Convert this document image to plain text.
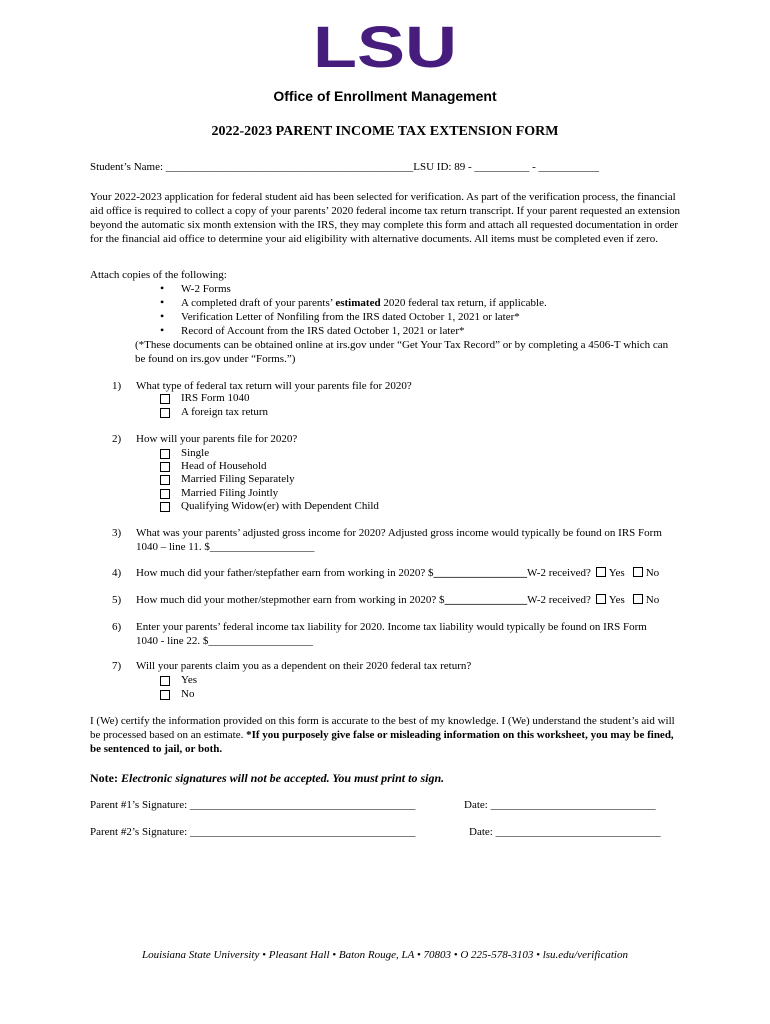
LSU
Office of Enrollment Management
2022-2023 PARENT INCOME TAX EXTENSION FORM
Student’s Name: _____________________________________________LSU ID: 89 - __________ - ___________
Your 2022-2023 application for federal student aid has been selected for verification. As part of the verification process, the financial aid office is required to collect a copy of your parents’ 2020 federal income tax return transcript. If your parent requested an extension beyond the automatic six month extension with the IRS, they may complete this form and attach all requested documentation in order for the financial aid office to determine your aid eligibility with alternative documents. All items must be completed even if zero.
Attach copies of the following:
• W-2 Forms
• A completed draft of your parents’ estimated 2020 federal tax return, if applicable.
• Verification Letter of Nonfiling from the IRS dated October 1, 2021 or later*
• Record of Account from the IRS dated October 1, 2021 or later*
(*These documents can be obtained online at irs.gov under “Get Your Tax Record” or by completing a 4506-T which can be found on irs.gov under “Forms.”)
1) What type of federal tax return will your parents file for 2020?
IRS Form 1040
A foreign tax return
2) How will your parents file for 2020?
Single
Head of Household
Married Filing Separately
Married Filing Jointly
Qualifying Widow(er) with Dependent Child
3) What was your parents’ adjusted gross income for 2020? Adjusted gross income would typically be found on IRS Form
1040 – line 11. $___________________
4) How much did your father/stepfather earn from working in 2020? $_________________W-2 received? Yes No
5) How much did your mother/stepmother earn from working in 2020? $_______________W-2 received? Yes No
6) Enter your parents’ federal income tax liability for 2020. Income tax liability would typically be found on IRS Form
1040 - line 22. $___________________
7) Will your parents claim you as a dependent on their 2020 federal tax return?
Yes
No
I (We) certify the information provided on this form is accurate to the best of my knowledge. I (We) understand the student’s aid will be processed based on an estimate. *If you purposely give false or misleading information on this worksheet, you may be fined, be sentenced to jail, or both.
Note: Electronic signatures will not be accepted. You must print to sign.
Parent #1’s Signature: _________________________________________	Date: ______________________________
Parent #2’s Signature: _________________________________________	Date: ______________________________
Louisiana State University • Pleasant Hall • Baton Rouge, LA • 70803 • O 225-578-3103 • lsu.edu/verification
